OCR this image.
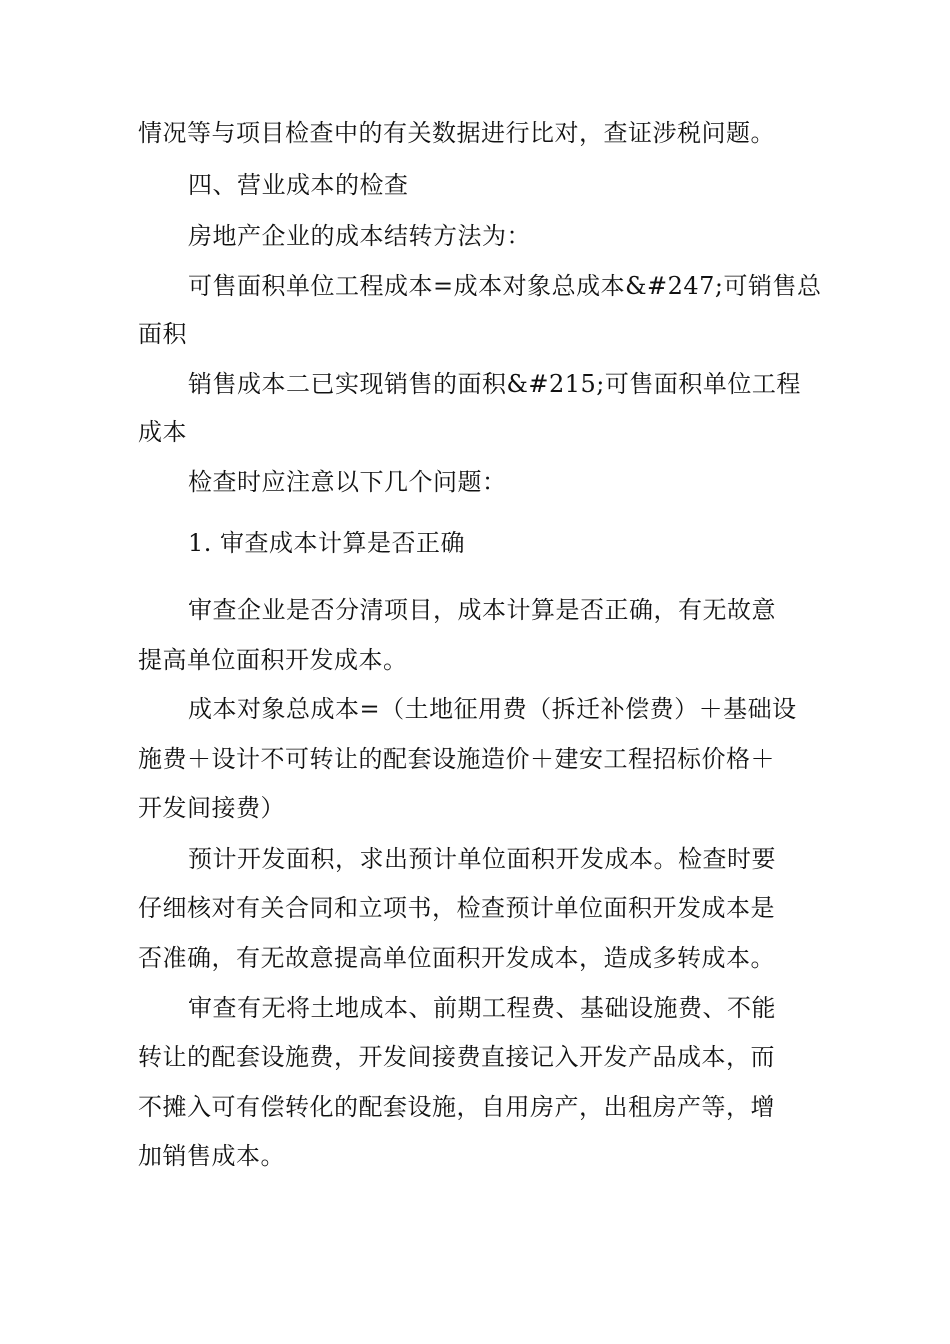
情况等与项目检查中的有关数据进行比对，查证涉税问题。
四、营业成本的检查
房地产企业的成本结转方法为：
可售面积单位工程成本=成本对象总成本&#247;可销售总
面积
销售成本二已实现销售的面积&#215;可售面积单位工程
成本
检查时应注意以下几个问题：
1. 审查成本计算是否正确
审查企业是否分清项目，成本计算是否正确，有无故意
提高单位面积开发成本。
成本对象总成本=（土地征用费（拆迁补偿费）＋基础设
施费＋设计不可转让的配套设施造价＋建安工程招标价格＋
开发间接费）
预计开发面积，求出预计单位面积开发成本。检查时要
仔细核对有关合同和立项书，检查预计单位面积开发成本是
否准确，有无故意提高单位面积开发成本，造成多转成本。
审查有无将土地成本、前期工程费、基础设施费、不能
转让的配套设施费，开发间接费直接记入开发产品成本，而
不摊入可有偿转化的配套设施，自用房产，出租房产等，增
加销售成本。
